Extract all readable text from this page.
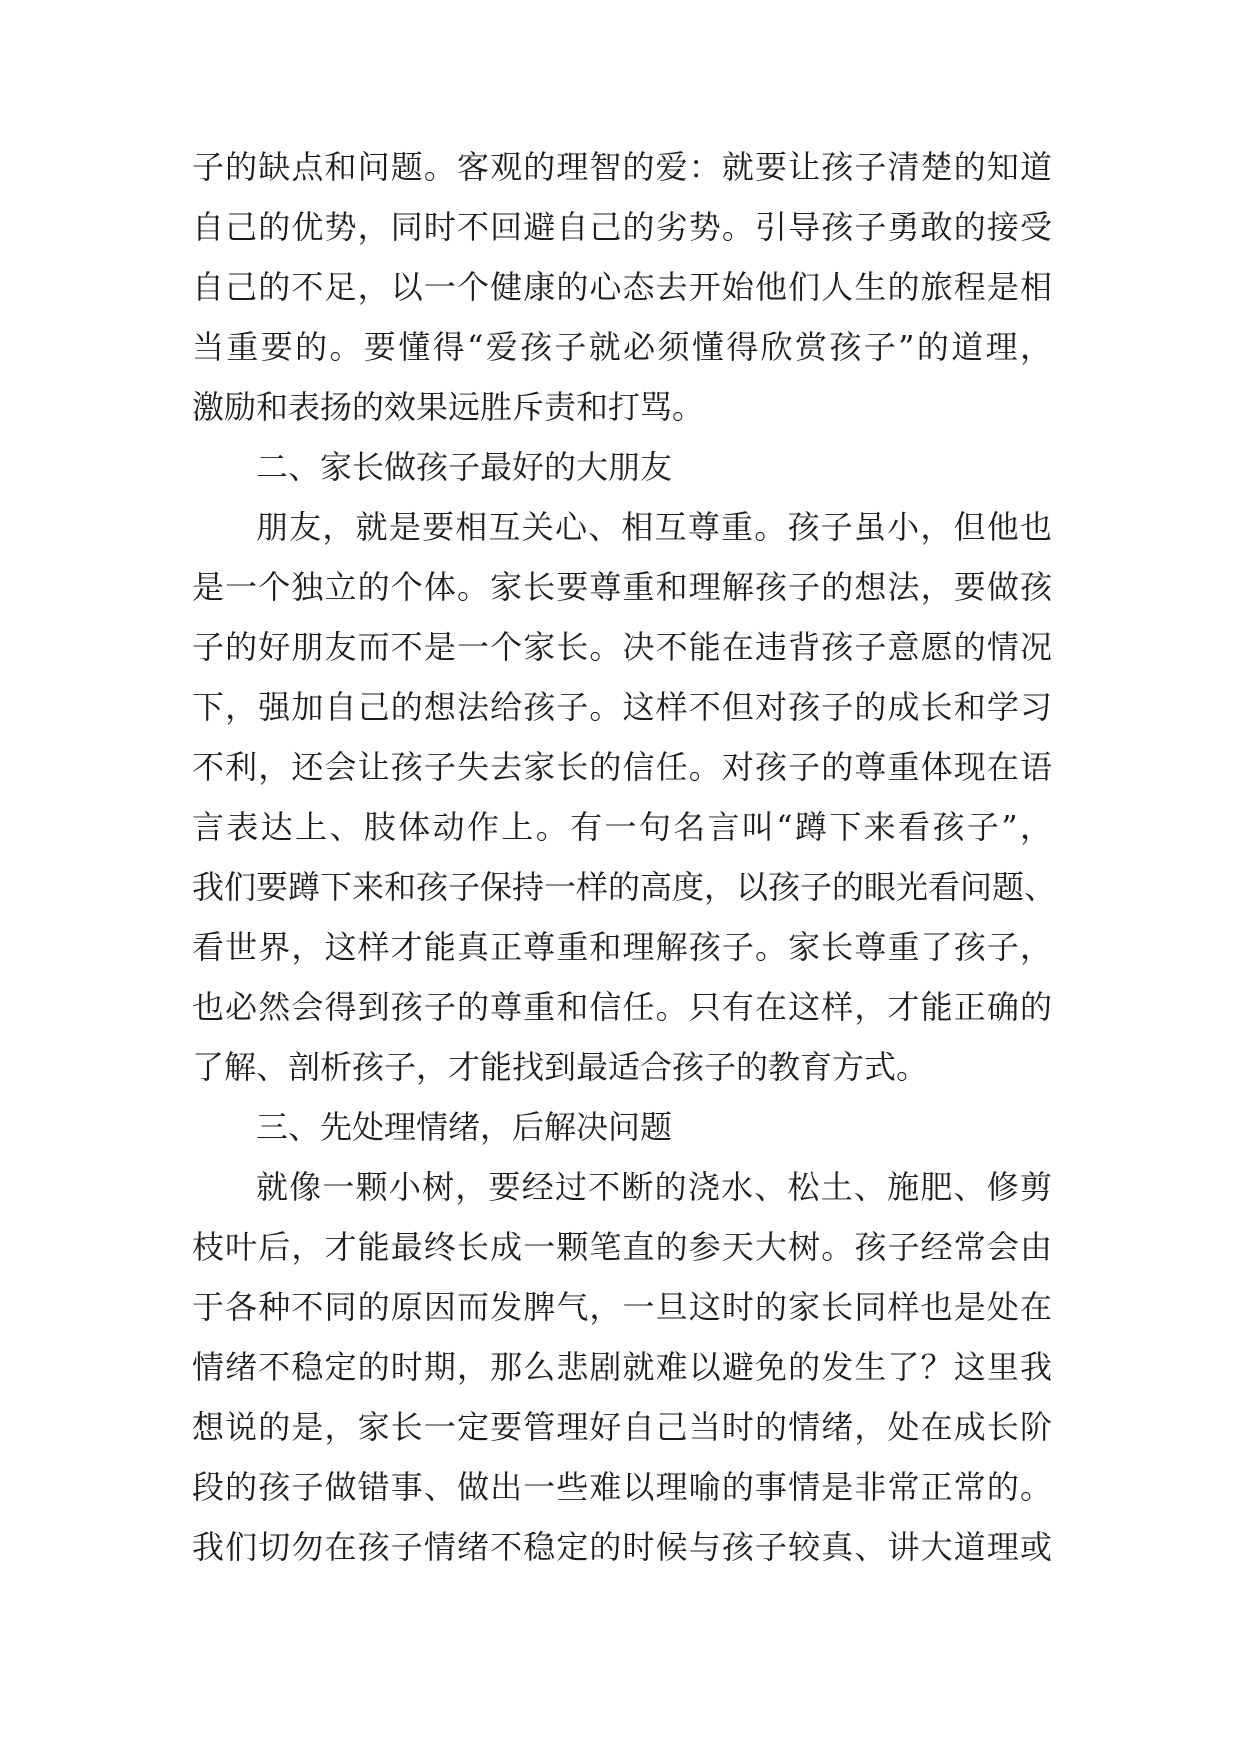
子的缺点和问题。客观的理智的爱：就要让孩子清楚的知道
自己的优势，同时不回避自己的劣势。引导孩子勇敢的接受
自己的不足，以一个健康的心态去开始他们人生的旅程是相
当重要的。要懂得“爱孩子就必须懂得欣赏孩子”的道理，
激励和表扬的效果远胜斥责和打骂。
二、家长做孩子最好的大朋友
朋友，就是要相互关心、相互尊重。孩子虽小，但他也
是一个独立的个体。家长要尊重和理解孩子的想法，要做孩
子的好朋友而不是一个家长。决不能在违背孩子意愿的情况
下，强加自己的想法给孩子。这样不但对孩子的成长和学习
不利，还会让孩子失去家长的信任。对孩子的尊重体现在语
言表达上、肢体动作上。有一句名言叫“蹲下来看孩子”，
我们要蹲下来和孩子保持一样的高度，以孩子的眼光看问题、
看世界，这样才能真正尊重和理解孩子。家长尊重了孩子，
也必然会得到孩子的尊重和信任。只有在这样，才能正确的
了解、剖析孩子，才能找到最适合孩子的教育方式。
三、先处理情绪，后解决问题
就像一颗小树，要经过不断的浇水、松土、施肥、修剪
枝叶后，才能最终长成一颗笔直的参天大树。孩子经常会由
于各种不同的原因而发脾气，一旦这时的家长同样也是处在
情绪不稳定的时期，那么悲剧就难以避免的发生了？这里我
想说的是，家长一定要管理好自己当时的情绪，处在成长阶
段的孩子做错事、做出一些难以理喻的事情是非常正常的。
我们切勿在孩子情绪不稳定的时候与孩子较真、讲大道理或
